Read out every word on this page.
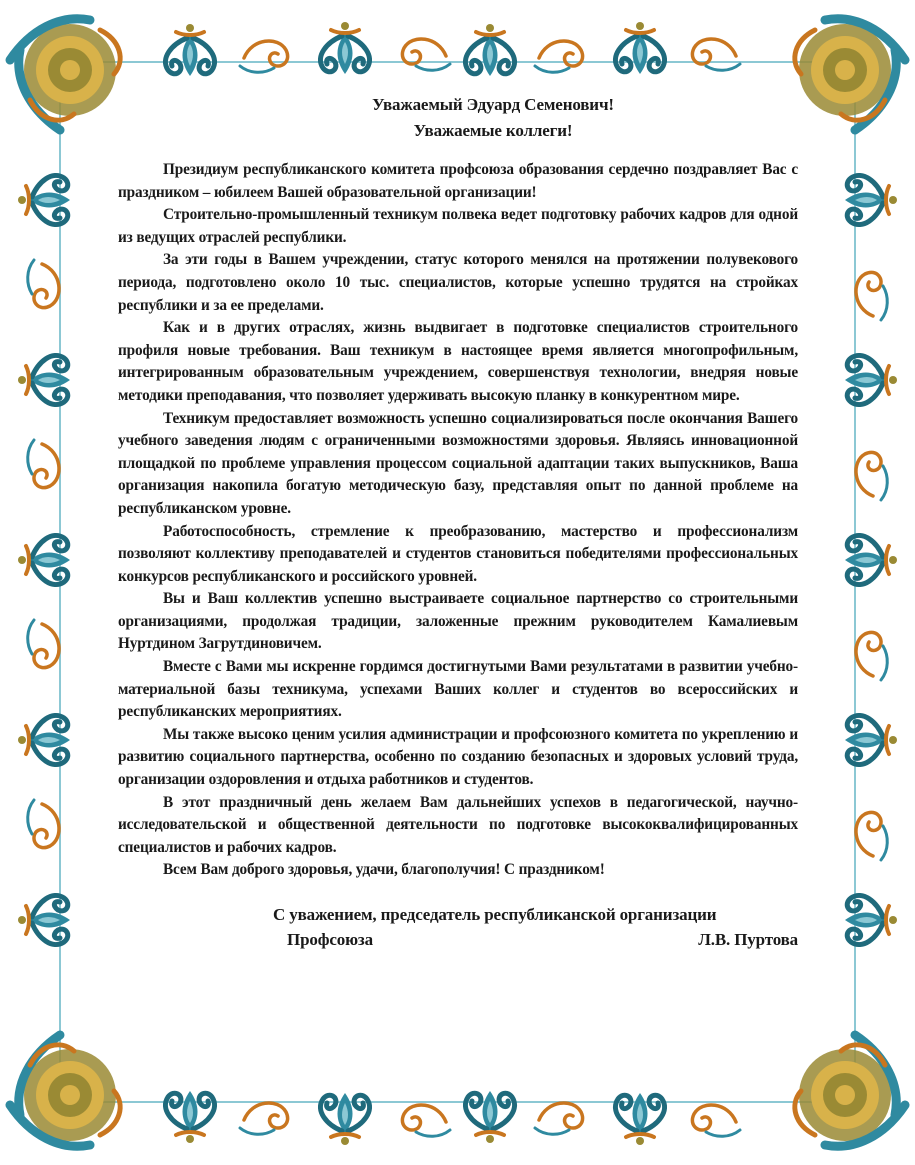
Уважаемый Эдуард Семенович!
Уважаемые коллеги!

Президиум республиканского комитета профсоюза образования сердечно поздравляет Вас с праздником – юбилеем Вашей образовательной организации!

Строительно-промышленный техникум полвека ведет подготовку рабочих кадров для одной из ведущих отраслей республики.

За эти годы в Вашем учреждении, статус которого менялся на протяжении полувекового периода, подготовлено около 10 тыс. специалистов, которые успешно трудятся на стройках республики и за ее пределами.

Как и в других отраслях, жизнь выдвигает в подготовке специалистов строительного профиля новые требования. Ваш техникум в настоящее время является многопрофильным, интегрированным образовательным учреждением, совершенствуя технологии, внедряя новые методики преподавания, что позволяет удерживать высокую планку в конкурентном мире.

Техникум предоставляет возможность успешно социализироваться после окончания Вашего учебного заведения людям с ограниченными возможностями здоровья. Являясь инновационной площадкой по проблеме управления процессом социальной адаптации таких выпускников, Ваша организация накопила богатую методическую базу, представляя опыт по данной проблеме на республиканском уровне.

Работоспособность, стремление к преобразованию, мастерство и профессионализм позволяют коллективу преподавателей и студентов становиться победителями профессиональных конкурсов республиканского и российского уровней.

Вы и Ваш коллектив успешно выстраиваете социальное партнерство со строительными организациями, продолжая традиции, заложенные прежним руководителем Камалиевым Нуртдином Загрутдиновичем.

Вместе с Вами мы искренне гордимся достигнутыми Вами результатами в развитии учебно-материальной базы техникума, успехами Ваших коллег и студентов во всероссийских и республиканских мероприятиях.

Мы также высоко ценим усилия администрации и профсоюзного комитета по укреплению и развитию социального партнерства, особенно по созданию безопасных и здоровых условий труда, организации оздоровления и отдыха работников и студентов.

В этот праздничный день желаем Вам дальнейших успехов в педагогической, научно-исследовательской и общественной деятельности по подготовке высококвалифицированных специалистов и рабочих кадров.

Всем Вам доброго здоровья, удачи, благополучия! С праздником!

С уважением, председатель республиканской организации
Профсоюза	Л.В. Пуртова
